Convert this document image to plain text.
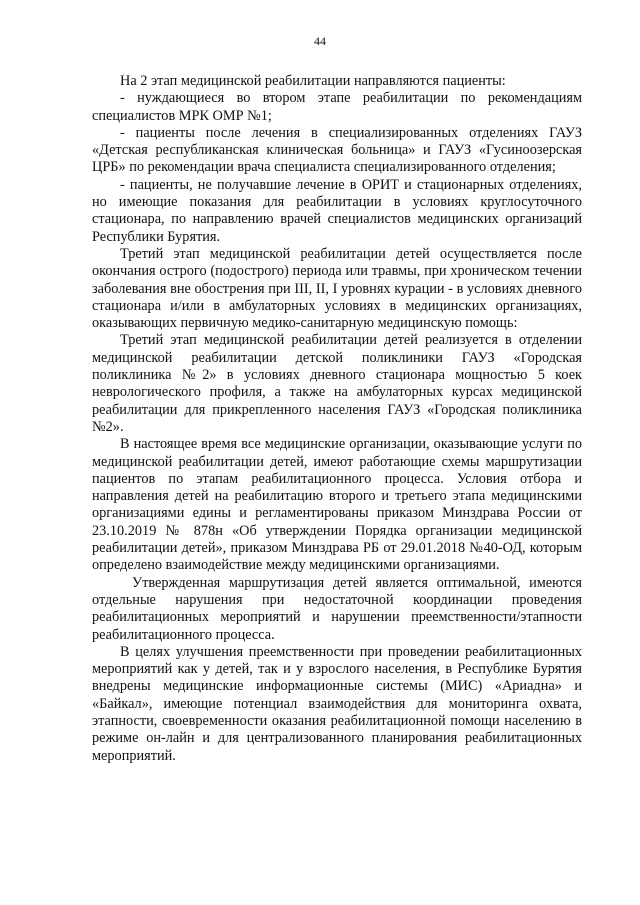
44

На 2 этап медицинской реабилитации направляются пациенты:

- нуждающиеся во втором этапе реабилитации по рекомендациям специалистов МРК ОМР №1;

- пациенты после лечения в специализированных отделениях ГАУЗ «Детская республиканская клиническая больница» и ГАУЗ «Гусиноозерская ЦРБ» по рекомендации врача специалиста специализированного отделения;

- пациенты, не получавшие лечение в ОРИТ и стационарных отделениях, но имеющие показания для реабилитации в условиях круглосуточного стационара, по направлению врачей специалистов медицинских организаций Республики Бурятия.

Третий этап медицинской реабилитации детей осуществляется после окончания острого (подострого) периода или травмы, при хроническом течении заболевания вне обострения при III, II, I уровнях курации - в условиях дневного стационара и/или в амбулаторных условиях в медицинских организациях, оказывающих первичную медико-санитарную медицинскую помощь:

Третий этап медицинской реабилитации детей реализуется в отделении медицинской реабилитации детской поликлиники ГАУЗ «Городская поликлиника №2» в условиях дневного стационара мощностью 5 коек неврологического профиля, а также на амбулаторных курсах медицинской реабилитации для прикрепленного населения ГАУЗ «Городская поликлиника №2».

В настоящее время все медицинские организации, оказывающие услуги по медицинской реабилитации детей, имеют работающие схемы маршрутизации пациентов по этапам реабилитационного процесса. Условия отбора и направления детей на реабилитацию второго и третьего этапа медицинскими организациями едины и регламентированы приказом Минздрава России от 23.10.2019 № 878н «Об утверждении Порядка организации медицинской реабилитации детей», приказом Минздрава РБ от 29.01.2018 №40-ОД, которым определено взаимодействие между медицинскими организациями.

Утвержденная маршрутизация детей является оптимальной, имеются отдельные нарушения при недостаточной координации проведения реабилитационных мероприятий и нарушении преемственности/этапности реабилитационного процесса.

В целях улучшения преемственности при проведении реабилитационных мероприятий как у детей, так и у взрослого населения, в Республике Бурятия внедрены медицинские информационные системы (МИС) «Ариадна» и «Байкал», имеющие потенциал взаимодействия для мониторинга охвата, этапности, своевременности оказания реабилитационной помощи населению в режиме он-лайн и для централизованного планирования реабилитационных мероприятий.
